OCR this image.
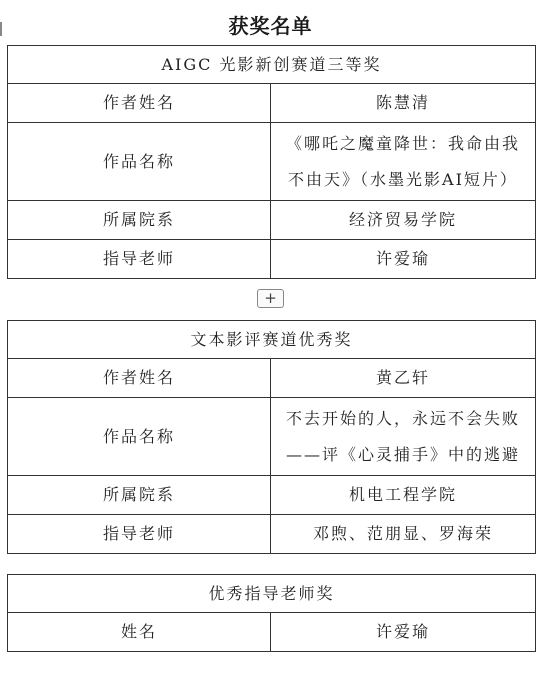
获奖名单
AIGC 光影新创赛道三等奖	
作者姓名	陈慧清
作品名称	《哪吒之魔童降世：我命由我
不由天》（水墨光影AI短片）

所属院系	经济贸易学院
指导老师	许爱瑜
+
文本影评赛道优秀奖	
作者姓名	黄乙轩
作品名称	不去开始的人，永远不会失败
——评《心灵捕手》中的逃避

所属院系	机电工程学院
指导老师	邓煦、范朋显、罗海荣
优秀指导老师奖
姓名	许爱瑜
